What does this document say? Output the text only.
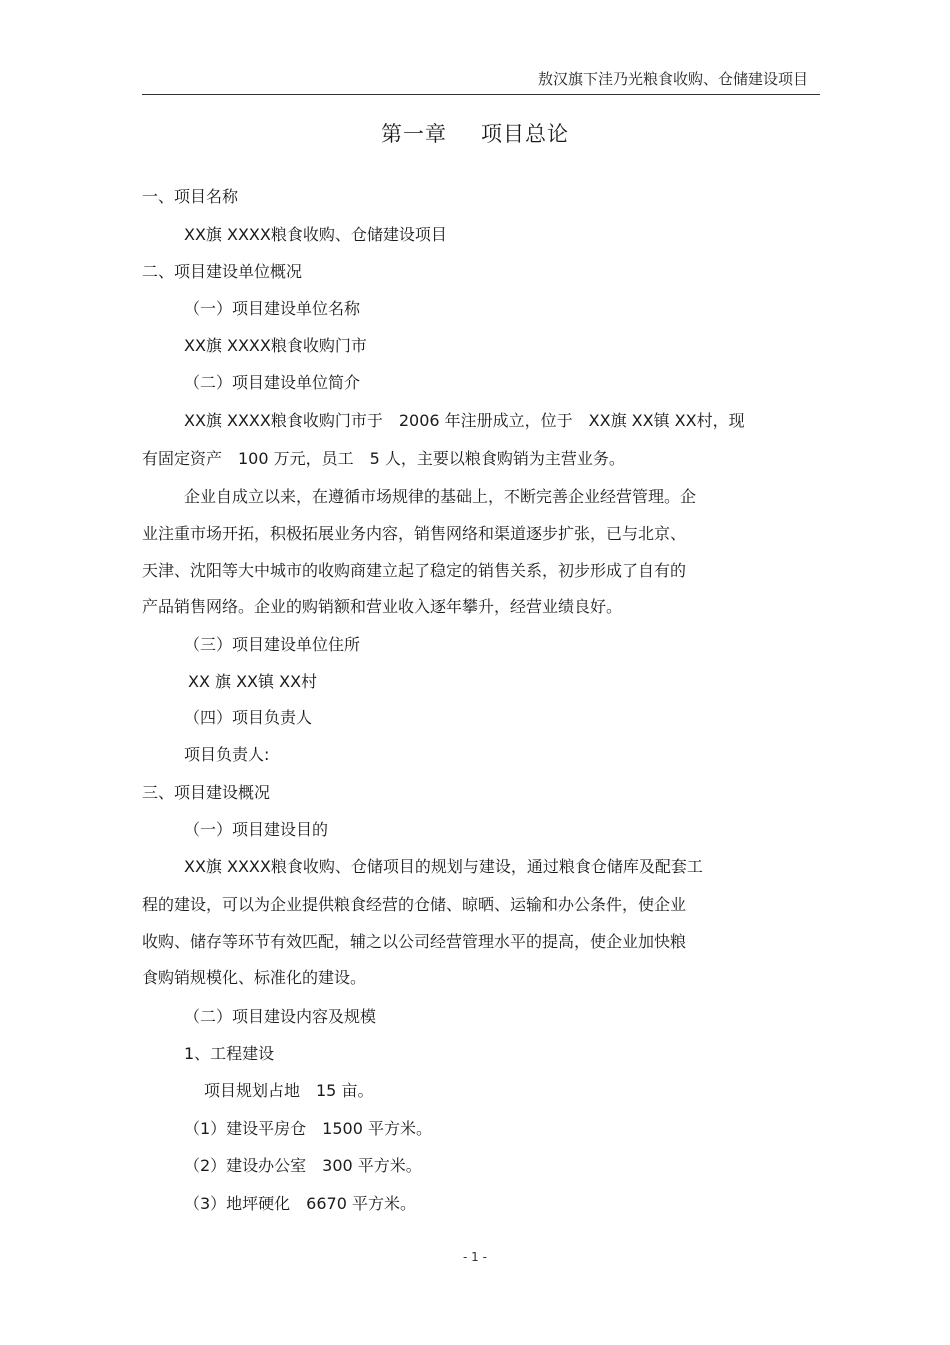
敖汉旗下洼乃光粮食收购、仓储建设项目
第一章 项目总论
一、项目名称
XX旗 XXXX粮食收购、仓储建设项目
二、项目建设单位概况
（一）项目建设单位名称
XX旗 XXXX粮食收购门市
（二）项目建设单位简介
XX旗 XXXX粮食收购门市于　2006 年注册成立，位于　XX旗 XX镇 XX村，现
有固定资产　100 万元，员工　5 人，主要以粮食购销为主营业务。
企业自成立以来，在遵循市场规律的基础上，不断完善企业经营管理。企
业注重市场开拓，积极拓展业务内容，销售网络和渠道逐步扩张，已与北京、
天津、沈阳等大中城市的收购商建立起了稳定的销售关系，初步形成了自有的
产品销售网络。企业的购销额和营业收入逐年攀升，经营业绩良好。
（三）项目建设单位住所
XX 旗 XX镇 XX村
（四）项目负责人
项目负责人:
三、项目建设概况
（一）项目建设目的
XX旗 XXXX粮食收购、仓储项目的规划与建设，通过粮食仓储库及配套工
程的建设，可以为企业提供粮食经营的仓储、晾晒、运输和办公条件，使企业
收购、储存等环节有效匹配，辅之以公司经营管理水平的提高，使企业加快粮
食购销规模化、标准化的建设。
（二）项目建设内容及规模
1、工程建设
项目规划占地　15 亩。
（1）建设平房仓　1500 平方米。
（2）建设办公室　300 平方米。
（3）地坪硬化　6670 平方米。
- 1 -
